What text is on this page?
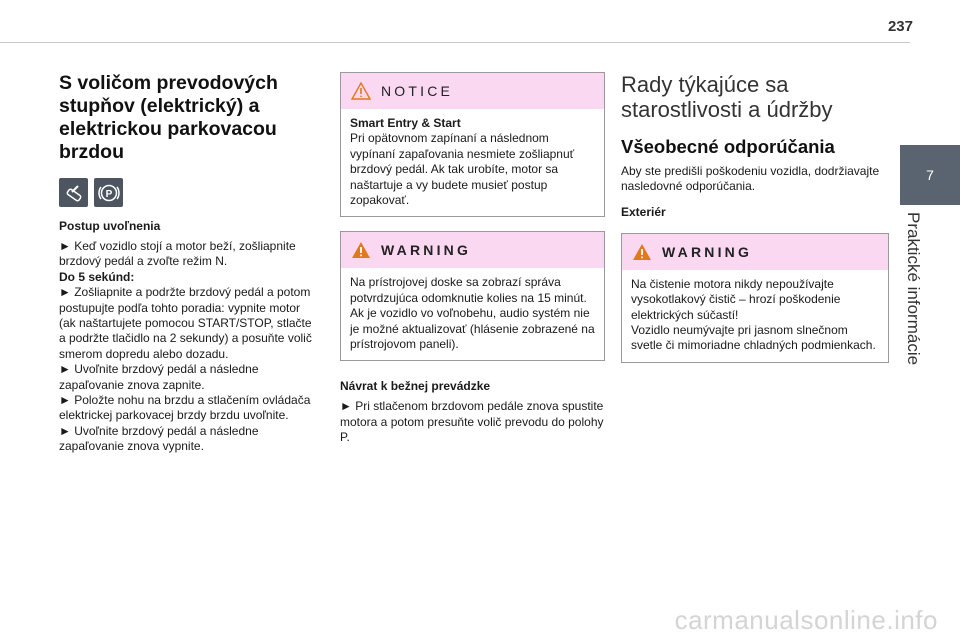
237
7
Praktické informácie
S voličom prevodových stupňov (elektrický) a elektrickou parkovacou brzdou
P
Postup uvoľnenia

► Keď vozidlo stojí a motor beží, zošliapnite brzdový pedál a zvoľte režim N.

Do 5 sekúnd:

► Zošliapnite a podržte brzdový pedál a potom postupujte podľa tohto poradia: vypnite motor (ak naštartujete pomocou START/STOP, stlačte a podržte tlačidlo na 2 sekundy) a posuňte volič smerom dopredu alebo dozadu.

► Uvoľnite brzdový pedál a následne zapaľovanie znova zapnite.

► Položte nohu na brzdu a stlačením ovládača elektrickej parkovacej brzdy brzdu uvoľnite.

► Uvoľnite brzdový pedál a následne zapaľovanie znova vypnite.

NOTICE
Smart Entry & Start
Pri opätovnom zapínaní a následnom vypínaní zapaľovania nesmiete zošliapnuť brzdový pedál. Ak tak urobíte, motor sa naštartuje a vy budete musieť postup zopakovať.
WARNING
Na prístrojovej doske sa zobrazí správa potvrdzujúca odomknutie kolies na 15 minút. Ak je vozidlo vo voľnobehu, audio systém nie je možné aktualizovať (hlásenie zobrazené na prístrojovom paneli).
Návrat k bežnej prevádzke

► Pri stlačenom brzdovom pedále znova spustite motora a potom presuňte volič prevodu do polohy P.

Rady týkajúce sa starostlivosti a údržby
Všeobecné odporúčania

Aby ste predišli poškodeniu vozidla, dodržiavajte nasledovné odporúčania.

Exteriér
WARNING
Na čistenie motora nikdy nepoužívajte vysokotlakový čistič – hrozí poškodenie elektrických súčastí!
Vozidlo neumývajte pri jasnom slnečnom svetle či mimoriadne chladných podmienkach.
carmanualsonline.info
